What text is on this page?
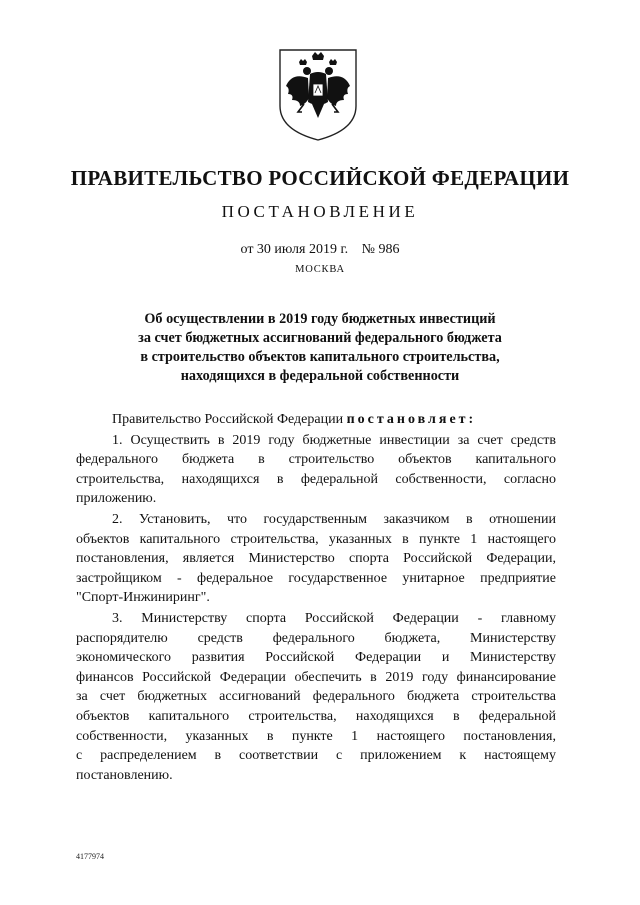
ПРАВИТЕЛЬСТВО РОССИЙСКОЙ ФЕДЕРАЦИИ
ПОСТАНОВЛЕНИЕ
от 30 июля 2019 г. № 986
МОСКВА
Об осуществлении в 2019 году бюджетных инвестиций
за счет бюджетных ассигнований федерального бюджета
в строительство объектов капитального строительства,
находящихся в федеральной собственности
Правительство Российской Федерации постановляет:
1. Осуществить в 2019 году бюджетные инвестиции за счет средств
федерального бюджета в строительство объектов капитального
строительства, находящихся в федеральной собственности, согласно
приложению.
2. Установить, что государственным заказчиком в отношении
объектов капитального строительства, указанных в пункте 1 настоящего
постановления, является Министерство спорта Российской Федерации,
застройщиком - федеральное государственное унитарное предприятие
"Спорт-Инжиниринг".
3. Министерству спорта Российской Федерации - главному
распорядителю средств федерального бюджета, Министерству
экономического развития Российской Федерации и Министерству
финансов Российской Федерации обеспечить в 2019 году финансирование
за счет бюджетных ассигнований федерального бюджета строительства
объектов капитального строительства, находящихся в федеральной
собственности, указанных в пункте 1 настоящего постановления,
с распределением в соответствии с приложением к настоящему
постановлению.
4177974
